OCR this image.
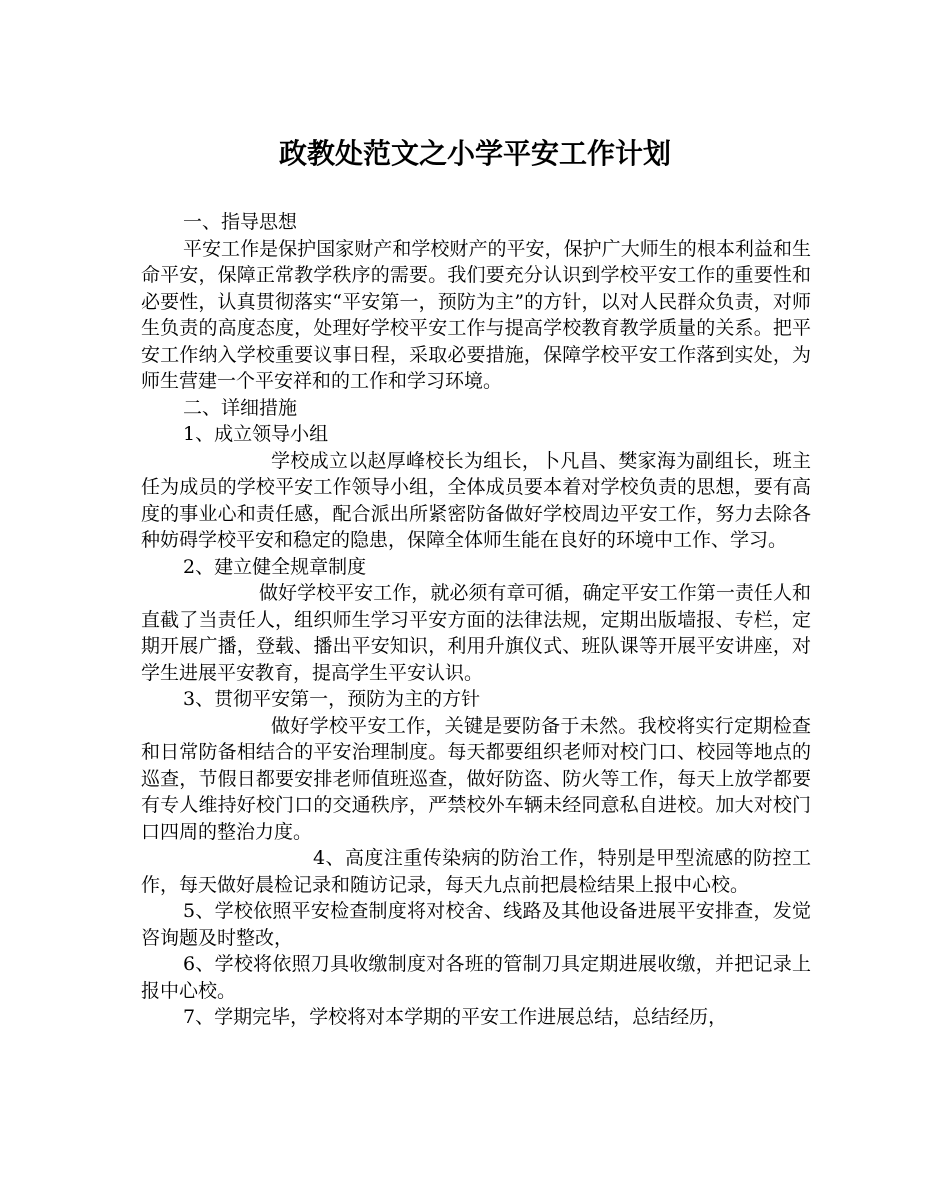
政教处范文之小学平安工作计划

一、指导思想

平安工作是保护国家财产和学校财产的平安，保护广大师生的根本利益和生命平安，保障正常教学秩序的需要。我们要充分认识到学校平安工作的重要性和必要性，认真贯彻落实“平安第一，预防为主”的方针，以对人民群众负责，对师生负责的高度态度，处理好学校平安工作与提高学校教育教学质量的关系。把平安工作纳入学校重要议事日程，采取必要措施，保障学校平安工作落到实处，为师生营建一个平安祥和的工作和学习环境。

二、详细措施

1、成立领导小组

学校成立以赵厚峰校长为组长，卜凡昌、樊家海为副组长，班主任为成员的学校平安工作领导小组，全体成员要本着对学校负责的思想，要有高度的事业心和责任感，配合派出所紧密防备做好学校周边平安工作，努力去除各种妨碍学校平安和稳定的隐患，保障全体师生能在良好的环境中工作、学习。

2、建立健全规章制度

做好学校平安工作，就必须有章可循，确定平安工作第一责任人和直截了当责任人，组织师生学习平安方面的法律法规，定期出版墙报、专栏，定期开展广播，登载、播出平安知识，利用升旗仪式、班队课等开展平安讲座，对学生进展平安教育，提高学生平安认识。

3、贯彻平安第一，预防为主的方针

做好学校平安工作，关键是要防备于未然。我校将实行定期检查和日常防备相结合的平安治理制度。每天都要组织老师对校门口、校园等地点的巡查，节假日都要安排老师值班巡查，做好防盗、防火等工作，每天上放学都要有专人维持好校门口的交通秩序，严禁校外车辆未经同意私自进校。加大对校门口四周的整治力度。

4、高度注重传染病的防治工作，特别是甲型流感的防控工作，每天做好晨检记录和随访记录，每天九点前把晨检结果上报中心校。

5、学校依照平安检查制度将对校舍、线路及其他设备进展平安排查，发觉咨询题及时整改，

6、学校将依照刀具收缴制度对各班的管制刀具定期进展收缴，并把记录上报中心校。

7、学期完毕，学校将对本学期的平安工作进展总结，总结经历，
